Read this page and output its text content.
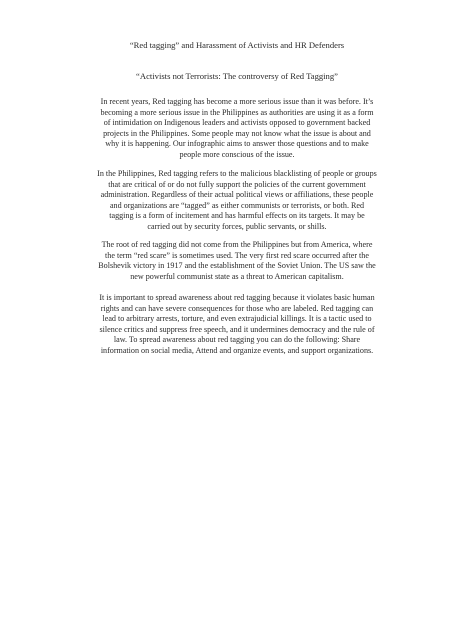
“Red tagging” and Harassment of Activists and HR Defenders
“Activists not Terrorists: The controversy of Red Tagging”
In recent years, Red tagging has become a more serious issue than it was before. It’s
becoming a more serious issue in the Philippines as authorities are using it as a form
of intimidation on Indigenous leaders and activists opposed to government backed
projects in the Philippines. Some people may not know what the issue is about and
why it is happening. Our infographic aims to answer those questions and to make
people more conscious of the issue.
In the Philippines, Red tagging refers to the malicious blacklisting of people or groups
that are critical of or do not fully support the policies of the current government
administration. Regardless of their actual political views or affiliations, these people
and organizations are “tagged” as either communists or terrorists, or both. Red
tagging is a form of incitement and has harmful effects on its targets. It may be
carried out by security forces, public servants, or shills.
The root of red tagging did not come from the Philippines but from America, where
the term “red scare” is sometimes used. The very first red scare occurred after the
Bolshevik victory in 1917 and the establishment of the Soviet Union. The US saw the
new powerful communist state as a threat to American capitalism.
It is important to spread awareness about red tagging because it violates basic human
rights and can have severe consequences for those who are labeled. Red tagging can
lead to arbitrary arrests, torture, and even extrajudicial killings. It is a tactic used to
silence critics and suppress free speech, and it undermines democracy and the rule of
law. To spread awareness about red tagging you can do the following: Share
information on social media, Attend and organize events, and support organizations.
